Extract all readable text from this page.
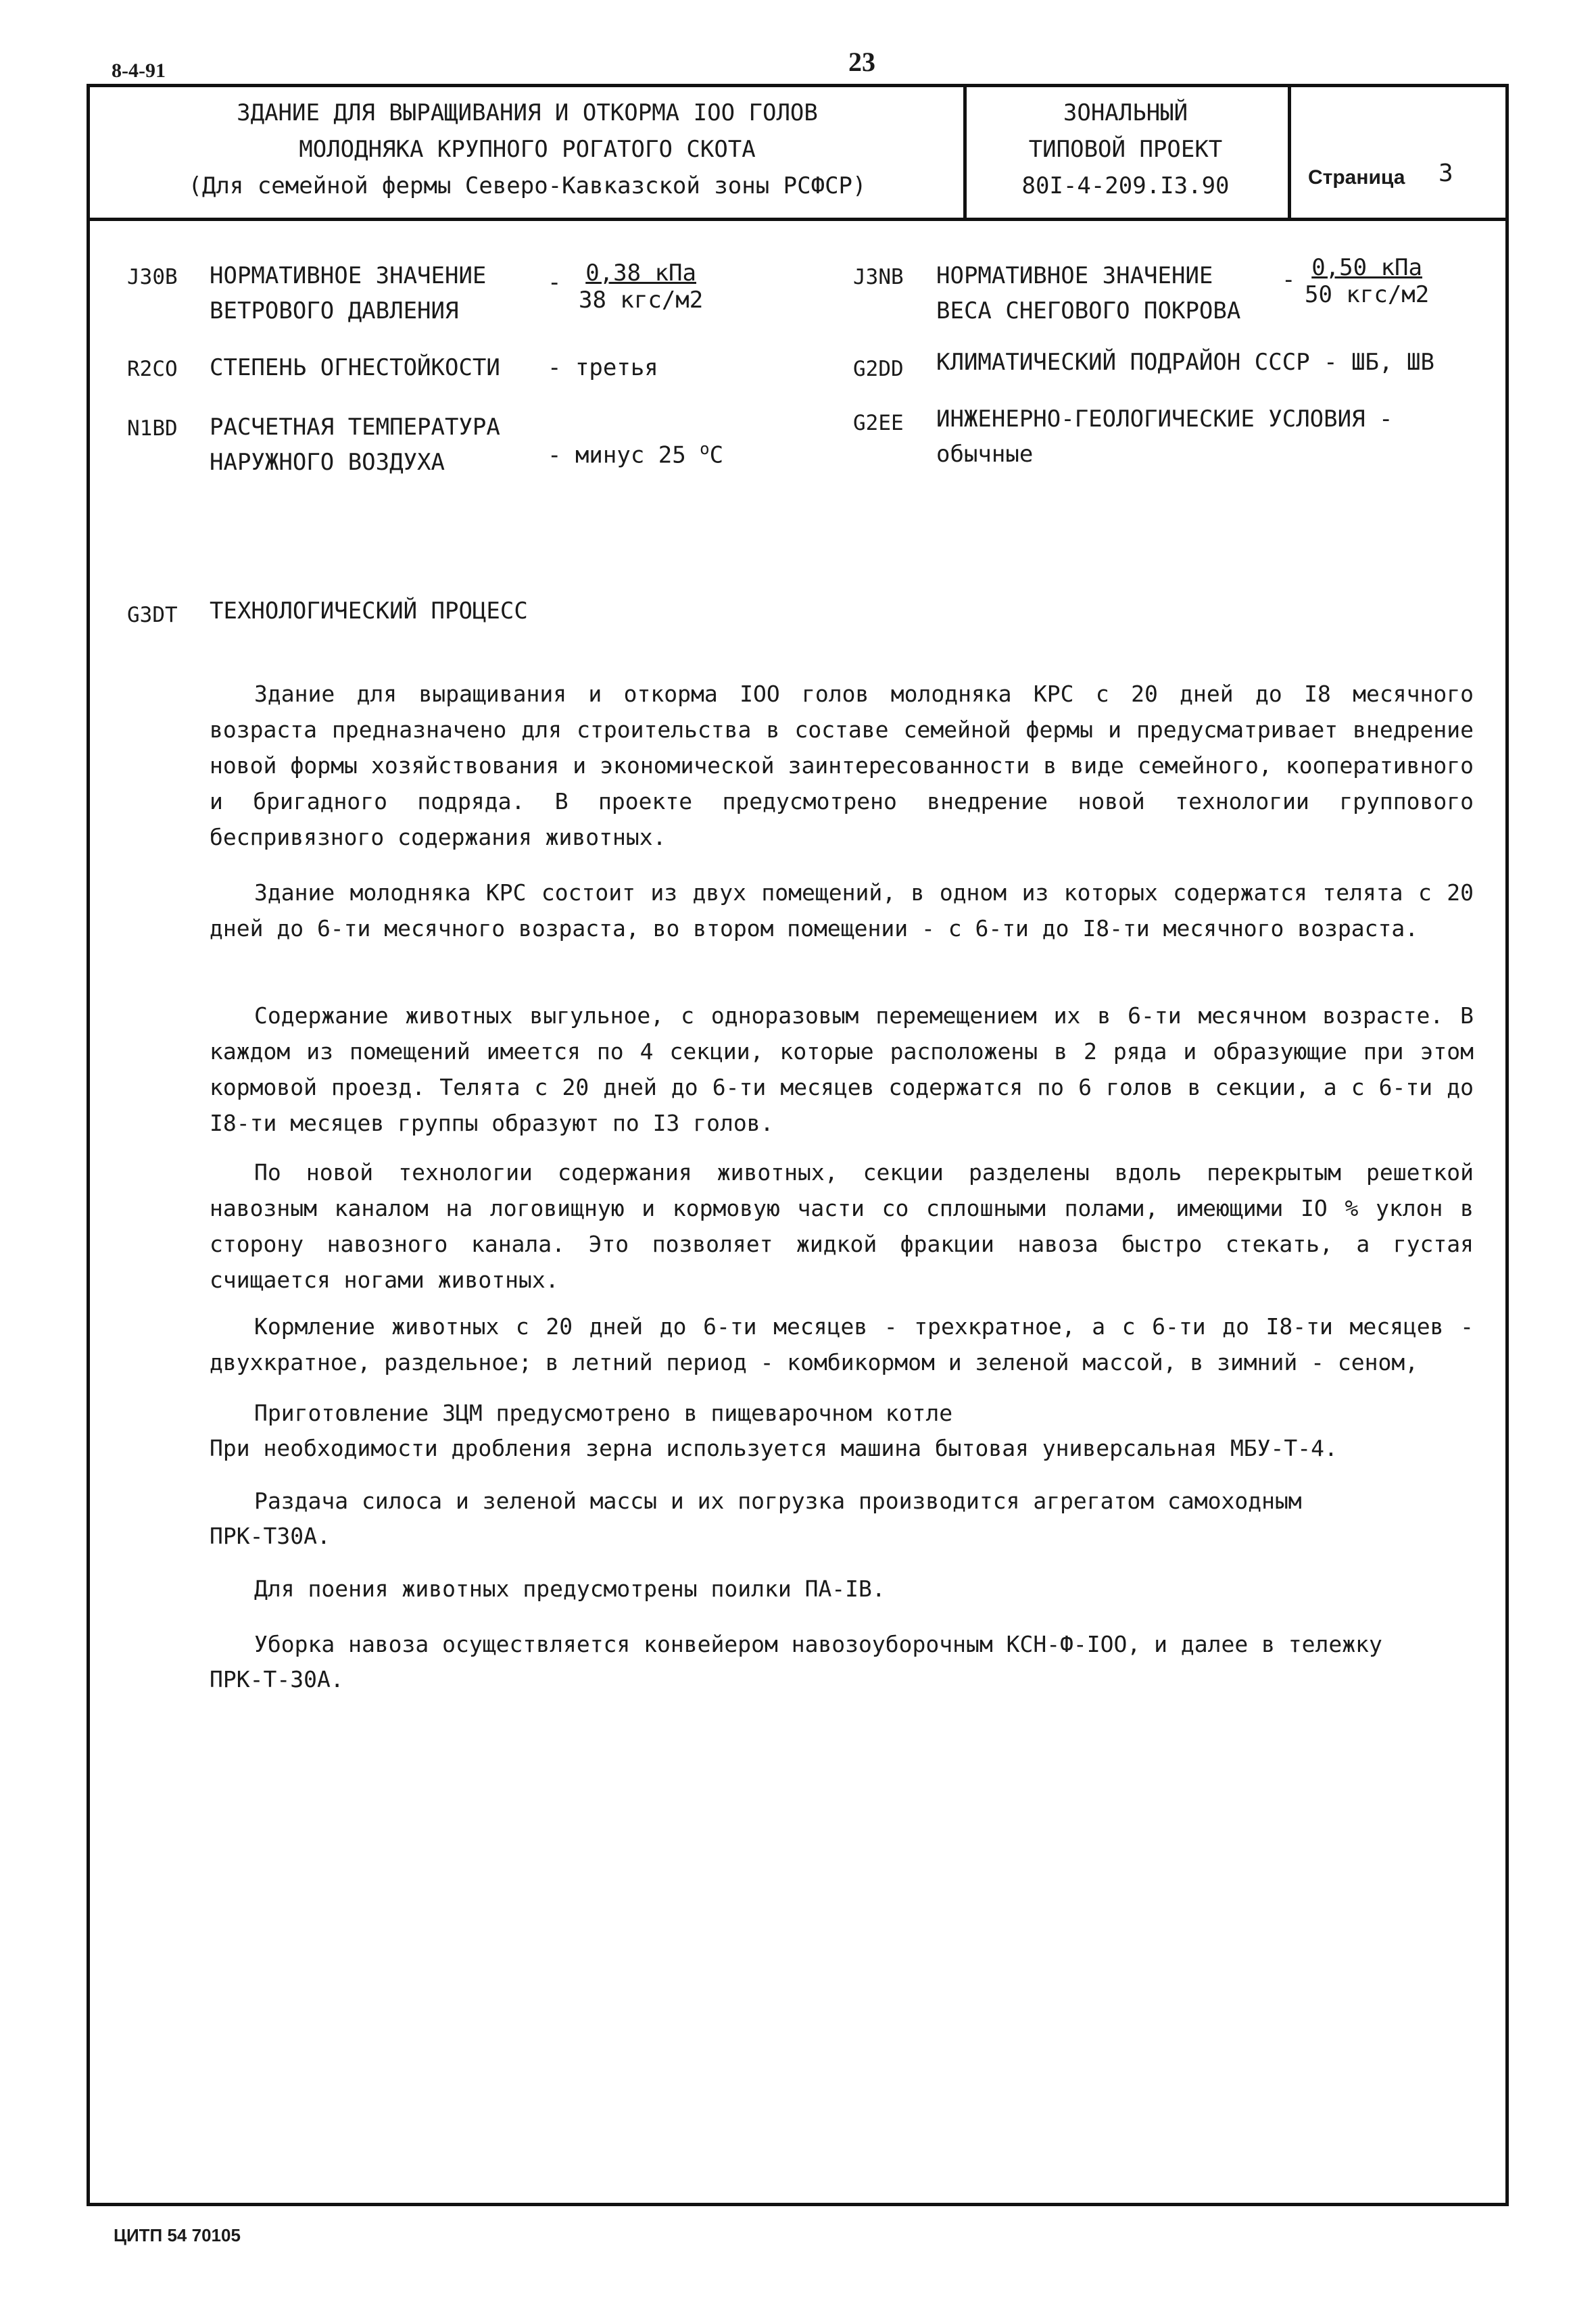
8-4-91	23
ЗДАНИЕ ДЛЯ ВЫРАЩИВАНИЯ И ОТКОРМА IOO ГОЛОВ
МОЛОДНЯКА КРУПНОГО РОГАТОГО СКОТА
(Для семейной фермы Северо-Кавказской зоны РСФСР)
ЗОНАЛЬНЫЙ
ТИПОВОЙ ПРОЕКТ
80I-4-209.I3.90	Страница 3
J30B НОРМАТИВНОЕ ЗНАЧЕНИЕ
ВЕТРОВОГО ДАВЛЕНИЯ
-	0,38 кПа
38 кгс/м2
R2CO СТЕПЕНЬ ОГНЕСТОЙКОСТИ - третья
N1BD РАСЧЕТНАЯ ТЕМПЕРАТУРА
НАРУЖНОГО ВОЗДУХА	- минус 25 $^о$С
J3NB НОРМАТИВНОЕ ЗНАЧЕНИЕ
ВЕСА СНЕГОВОГО ПОКРОВА
- 0,50 кПа
50 кгс/м2
G2DD КЛИМАТИЧЕСКИЙ ПОДРАЙОН СССР - ШБ, ШВ
G2EE ИНЖЕНЕРНО-ГЕОЛОГИЧЕСКИЕ УСЛОВИЯ -
обычные
G3DT ТЕХНОЛОГИЧЕСКИЙ ПРОЦЕСС
Здание для выращивания и откорма IOO голов молодняка КРС с 20 дней до I8 месячного возраста предназначено для строительства в составе семейной фермы и предусматривает внедрение новой формы хозяйствования и экономической заинтересованности в виде семейного, кооперативного и бригадного подряда. В проекте предусмотрено внедрение новой технологии группового беспривязного содержания животных.
Здание молодняка КРС состоит из двух помещений, в одном из которых содержатся телята с 20 дней до 6-ти месячного возраста, во втором помещении - с 6-ти до I8-ти месячного возраста.
Содержание животных выгульное, с одноразовым перемещением их в 6-ти месячном возрасте. В каждом из помещений имеется по 4 секции, которые расположены в 2 ряда и образующие при этом кормовой проезд. Телята с 20 дней до 6-ти месяцев содержатся по 6 голов в секции, а с 6-ти до I8-ти месяцев группы образуют по I3 голов.
По новой технологии содержания животных, секции разделены вдоль перекрытым решеткой навозным каналом на логовищную и кормовую части со сплошными полами, имеющими IO % уклон в сторону навозного канала. Это позволяет жидкой фракции навоза быстро стекать, а густая счищается ногами животных.
Кормление животных с 20 дней до 6-ти месяцев - трехкратное, а с 6-ти до I8-ти месяцев - двухкратное, раздельное; в летний период - комбикормом и зеленой массой, в зимний - сеном,
Приготовление ЗЦМ предусмотрено в пищеварочном котле
При необходимости дробления зерна используется машина бытовая универсальная МБУ-Т-4.
Раздача силоса и зеленой массы и их погрузка производится агрегатом самоходным
ПРК-Т30А.
Для поения животных предусмотрены поилки ПА-IВ.
Уборка навоза осуществляется конвейером навозоуборочным КСН-Ф-IOO, и далее в тележку
ПРК-Т-30А.
ЦИТП 54 70105
